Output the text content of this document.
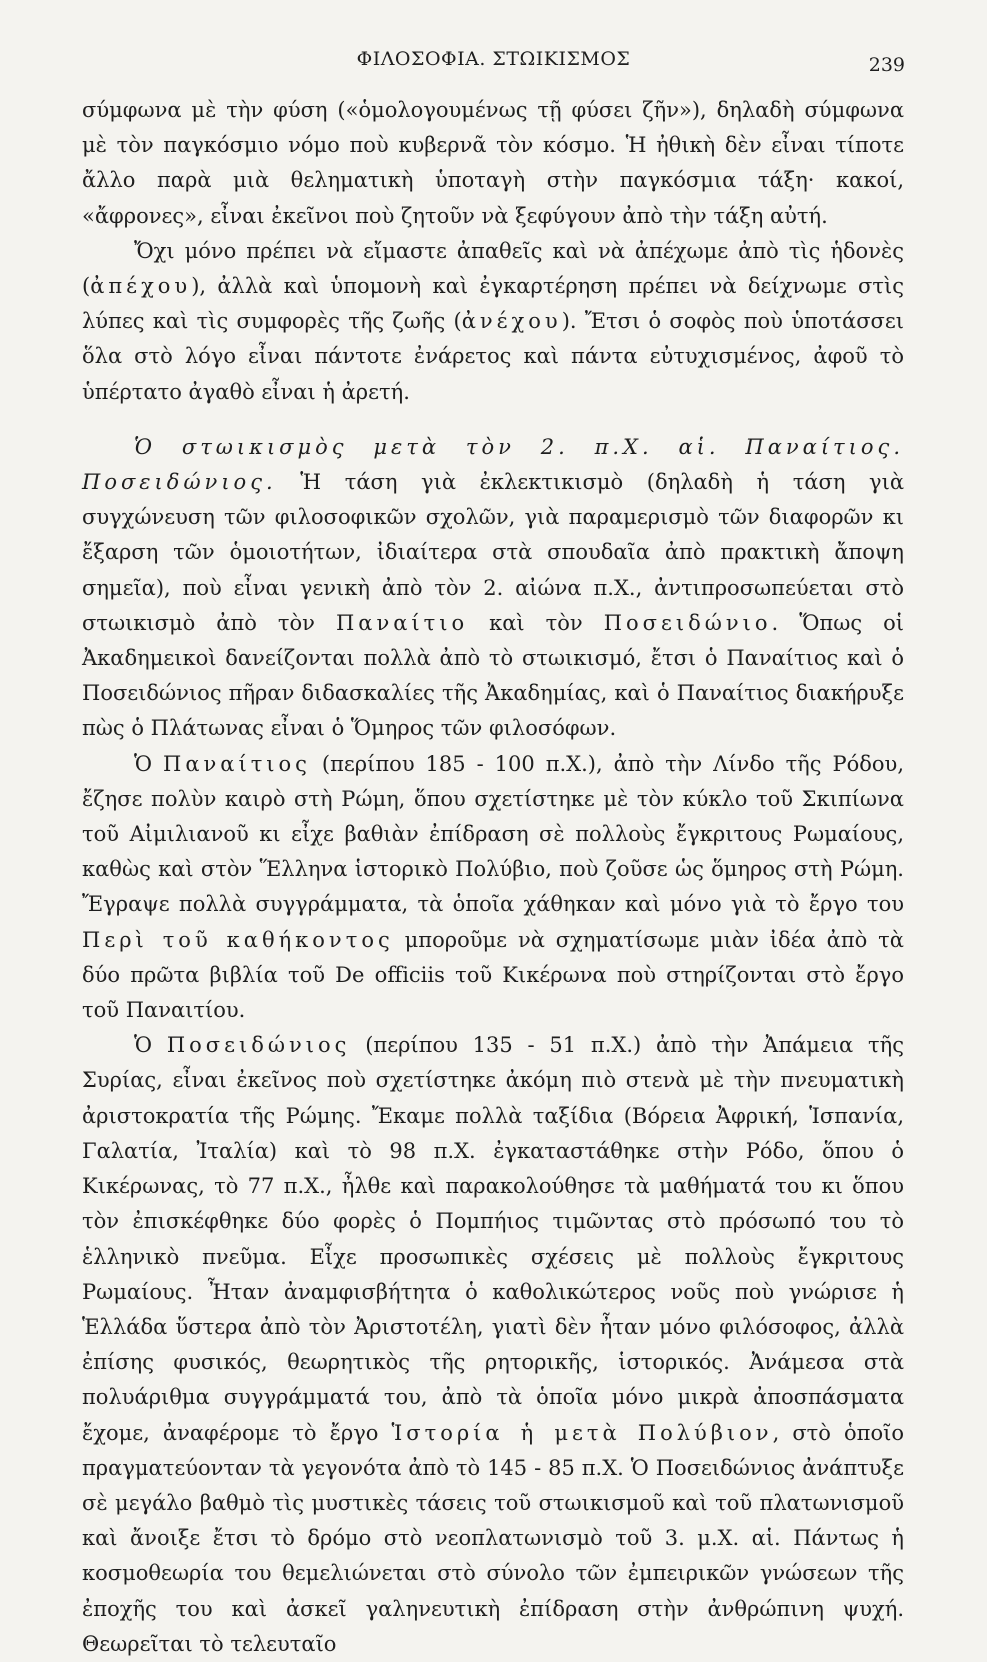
ΦΙΛΟΣΟΦΙΑ. ΣΤΩΙΚΙΣΜΟΣ	239

σύμφωνα μὲ τὴν φύση («ὁμολογουμένως τῇ φύσει ζῆν»), δηλαδὴ σύμφωνα μὲ τὸν παγκόσμιο νόμο ποὺ κυβερνᾶ τὸν κόσμο. Ἡ ἠθικὴ δὲν εἶναι τίποτε ἄλλο παρὰ μιὰ θεληματικὴ ὑποταγὴ στὴν παγκόσμια τάξη· κακοί, «ἄφρονες», εἶναι ἐκεῖνοι ποὺ ζητοῦν νὰ ξεφύγουν ἀπὸ τὴν τάξη αὐτή.

Ὄχι μόνο πρέπει νὰ εἴμαστε ἀπαθεῖς καὶ νὰ ἀπέχωμε ἀπὸ τὶς ἡδονὲς (ἀπέχου), ἀλλὰ καὶ ὑπομονὴ καὶ ἐγκαρτέρηση πρέπει νὰ δείχνωμε στὶς λύπες καὶ τὶς συμφορὲς τῆς ζωῆς (ἀνέχου). Ἔτσι ὁ σοφὸς ποὺ ὑποτάσσει ὅλα στὸ λόγο εἶναι πάντοτε ἐνάρετος καὶ πάντα εὐτυχισμένος, ἀφοῦ τὸ ὑπέρτατο ἀγαθὸ εἶναι ἡ ἀρετή.

Ὁ στωικισμὸς μετὰ τὸν 2. π.Χ. αἱ. Παναίτιος. Ποσειδώνιος. Ἡ τάση γιὰ ἐκλεκτικισμὸ (δηλαδὴ ἡ τάση γιὰ συγχώνευση τῶν φιλοσοφικῶν σχολῶν, γιὰ παραμερισμὸ τῶν διαφορῶν κι ἔξαρση τῶν ὁμοιοτήτων, ἰδιαίτερα στὰ σπουδαῖα ἀπὸ πρακτικὴ ἄποψη σημεῖα), ποὺ εἶναι γενικὴ ἀπὸ τὸν 2. αἰώνα π.Χ., ἀντιπροσωπεύεται στὸ στωικισμὸ ἀπὸ τὸν Παναίτιο καὶ τὸν Ποσειδώνιο. Ὅπως οἱ Ἀκαδημεικοὶ δανείζονται πολλὰ ἀπὸ τὸ στωικισμό, ἔτσι ὁ Παναίτιος καὶ ὁ Ποσειδώνιος πῆραν διδασκαλίες τῆς Ἀκαδημίας, καὶ ὁ Παναίτιος διακήρυξε πὼς ὁ Πλάτωνας εἶναι ὁ Ὅμηρος τῶν φιλοσόφων.

Ὁ Παναίτιος (περίπου 185 - 100 π.Χ.), ἀπὸ τὴν Λίνδο τῆς Ρόδου, ἔζησε πολὺν καιρὸ στὴ Ρώμη, ὅπου σχετίστηκε μὲ τὸν κύκλο τοῦ Σκιπίωνα τοῦ Αἰμιλιανοῦ κι εἶχε βαθιὰν ἐπίδραση σὲ πολλοὺς ἔγκριτους Ρωμαίους, καθὼς καὶ στὸν Ἕλληνα ἱστορικὸ Πολύβιο, ποὺ ζοῦσε ὡς ὅμηρος στὴ Ρώμη. Ἔγραψε πολλὰ συγγράμματα, τὰ ὁποῖα χάθηκαν καὶ μόνο γιὰ τὸ ἔργο του Περὶ τοῦ καθήκοντος μποροῦμε νὰ σχηματίσωμε μιὰν ἰδέα ἀπὸ τὰ δύο πρῶτα βιβλία τοῦ De officiis τοῦ Κικέρωνα ποὺ στηρίζονται στὸ ἔργο τοῦ Παναιτίου.

Ὁ Ποσειδώνιος (περίπου 135 - 51 π.Χ.) ἀπὸ τὴν Ἀπάμεια τῆς Συρίας, εἶναι ἐκεῖνος ποὺ σχετίστηκε ἀκόμη πιὸ στενὰ μὲ τὴν πνευματικὴ ἀριστοκρατία τῆς Ρώμης. Ἔκαμε πολλὰ ταξίδια (Βόρεια Ἀφρική, Ἱσπανία, Γαλατία, Ἰταλία) καὶ τὸ 98 π.Χ. ἐγκαταστάθηκε στὴν Ρόδο, ὅπου ὁ Κικέρωνας, τὸ 77 π.Χ., ἦλθε καὶ παρακολούθησε τὰ μαθήματά του κι ὅπου τὸν ἐπισκέφθηκε δύο φορὲς ὁ Πομπήιος τιμῶντας στὸ πρόσωπό του τὸ ἑλληνικὸ πνεῦμα. Εἶχε προσωπικὲς σχέσεις μὲ πολλοὺς ἔγκριτους Ρωμαίους. Ἦταν ἀναμφισβήτητα ὁ καθολικώτερος νοῦς ποὺ γνώρισε ἡ Ἑλλάδα ὕστερα ἀπὸ τὸν Ἀριστοτέλη, γιατὶ δὲν ἦταν μόνο φιλόσοφος, ἀλλὰ ἐπίσης φυσικός, θεωρητικὸς τῆς ρητορικῆς, ἱστορικός. Ἀνάμεσα στὰ πολυάριθμα συγγράμματά του, ἀπὸ τὰ ὁποῖα μόνο μικρὰ ἀποσπάσματα ἔχομε, ἀναφέρομε τὸ ἔργο Ἱστορία ἡ μετὰ Πολύβιον, στὸ ὁποῖο πραγματεύονταν τὰ γεγονότα ἀπὸ τὸ 145 - 85 π.Χ. Ὁ Ποσειδώνιος ἀνάπτυξε σὲ μεγάλο βαθμὸ τὶς μυστικὲς τάσεις τοῦ στωικισμοῦ καὶ τοῦ πλατωνισμοῦ καὶ ἄνοιξε ἔτσι τὸ δρόμο στὸ νεοπλατωνισμὸ τοῦ 3. μ.Χ. αἱ. Πάντως ἡ κοσμοθεωρία του θεμελιώνεται στὸ σύνολο τῶν ἐμπειρικῶν γνώσεων τῆς ἐποχῆς του καὶ ἀσκεῖ γαληνευτικὴ ἐπίδραση στὴν ἀνθρώπινη ψυχή. Θεωρεῖται τὸ τελευταῖο
